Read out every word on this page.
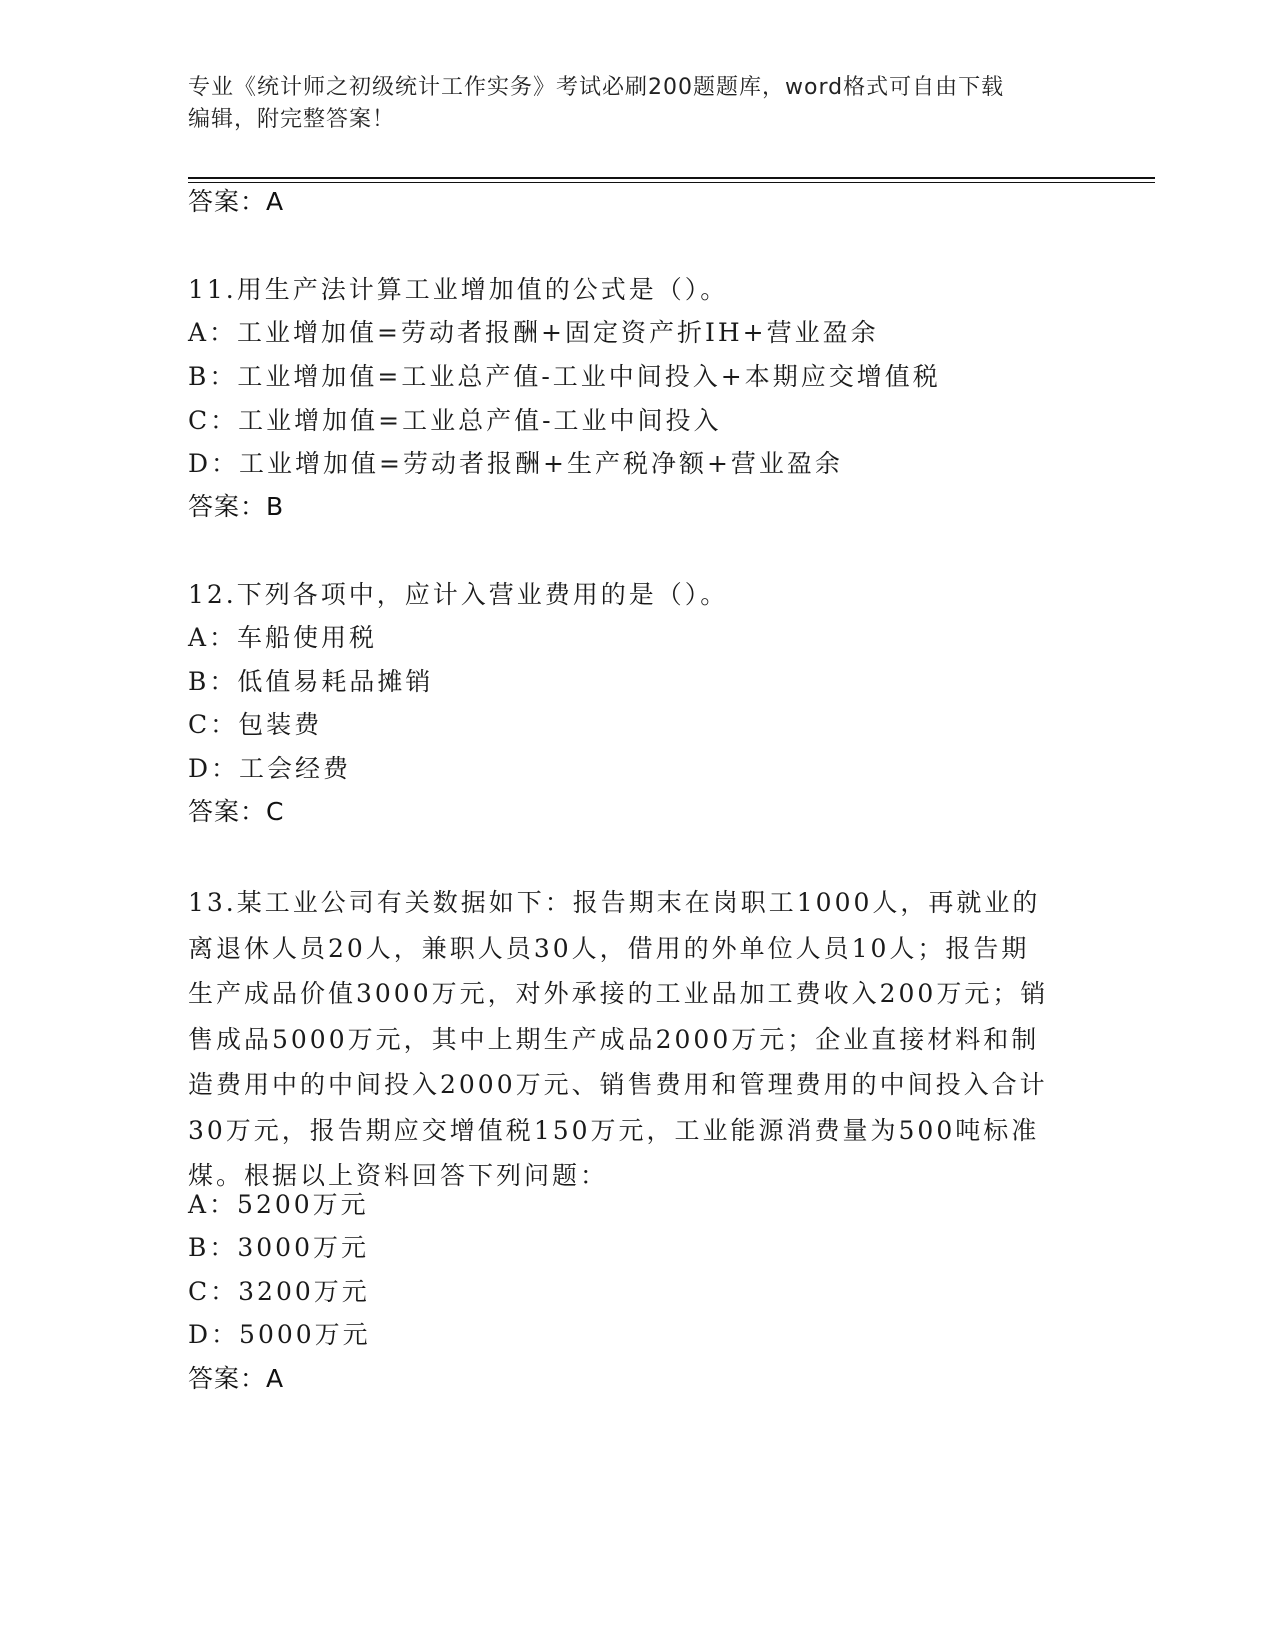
专业《统计师之初级统计工作实务》考试必刷200题题库，word格式可自由下载
编辑，附完整答案！
答案：A
11.用生产法计算工业增加值的公式是（）。
A：工业增加值=劳动者报酬+固定资产折IH+营业盈余
B：工业增加值=工业总产值-工业中间投入+本期应交增值税
C：工业增加值=工业总产值-工业中间投入
D：工业增加值=劳动者报酬+生产税净额+营业盈余
答案：B
12.下列各项中，应计入营业费用的是（）。
A：车船使用税
B：低值易耗品摊销
C：包装费
D：工会经费
答案：C
13.某工业公司有关数据如下：报告期末在岗职工1000人，再就业的
离退休人员20人，兼职人员30人，借用的外单位人员10人；报告期
生产成品价值3000万元，对外承接的工业品加工费收入200万元；销
售成品5000万元，其中上期生产成品2000万元；企业直接材料和制
造费用中的中间投入2000万元、销售费用和管理费用的中间投入合计
30万元，报告期应交增值税150万元，工业能源消费量为500吨标准
煤。根据以上资料回答下列问题：
A：5200万元
B：3000万元
C：3200万元
D：5000万元
答案：A
